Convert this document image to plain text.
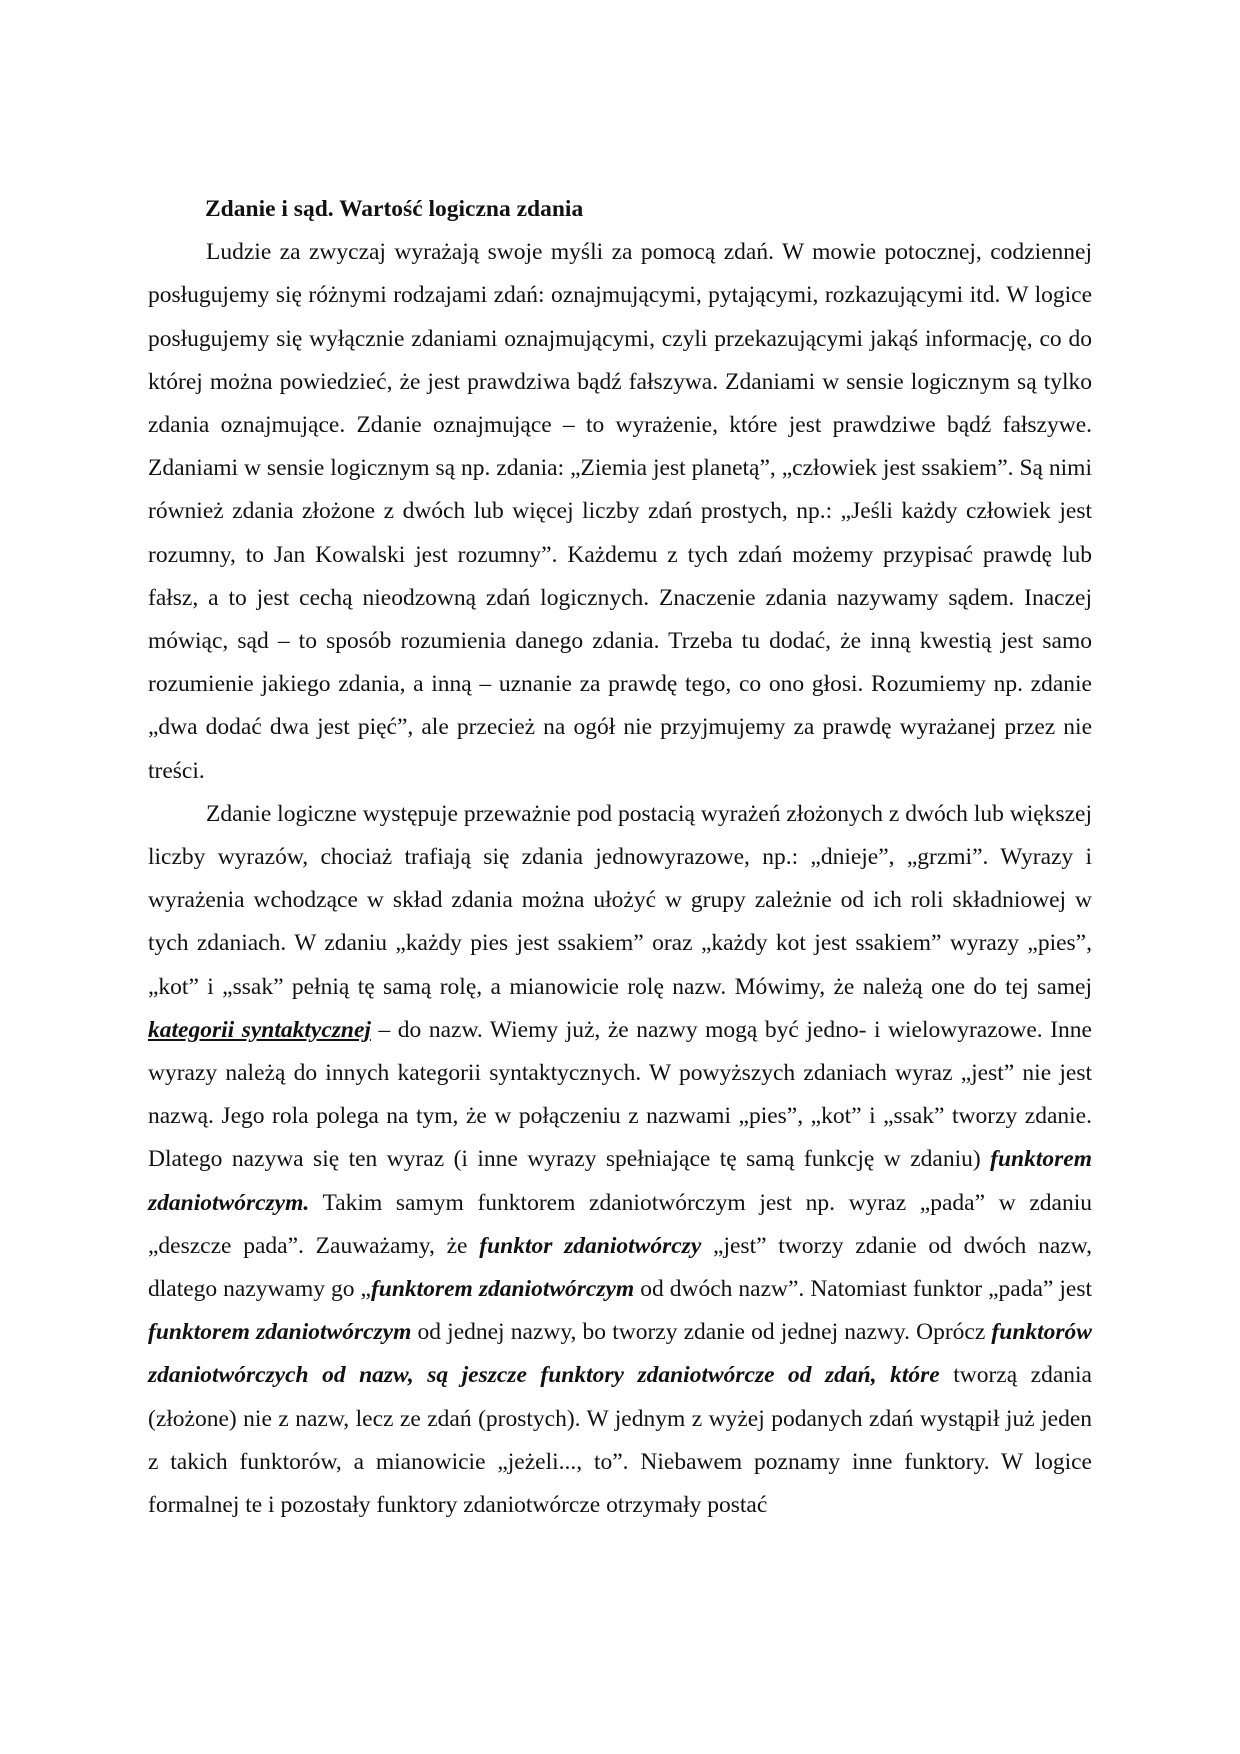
Zdanie i sąd. Wartość logiczna zdania

Ludzie za zwyczaj wyrażają swoje myśli za pomocą zdań. W mowie potocznej, codziennej posługujemy się różnymi rodzajami zdań: oznajmującymi, pytającymi, rozkazującymi itd. W logice posługujemy się wyłącznie zdaniami oznajmującymi, czyli przekazującymi jakąś informację, co do której można powiedzieć, że jest prawdziwa bądź fałszywa. Zdaniami w sensie logicznym są tylko zdania oznajmujące. Zdanie oznajmujące – to wyrażenie, które jest prawdziwe bądź fałszywe. Zdaniami w sensie logicznym są np. zdania: „Ziemia jest planetą”, „człowiek jest ssakiem”. Są nimi również zdania złożone z dwóch lub więcej liczby zdań prostych, np.: „Jeśli każdy człowiek jest rozumny, to Jan Kowalski jest rozumny”. Każdemu z tych zdań możemy przypisać prawdę lub fałsz, a to jest cechą nieodzowną zdań logicznych. Znaczenie zdania nazywamy sądem. Inaczej mówiąc, sąd – to sposób rozumienia danego zdania. Trzeba tu dodać, że inną kwestią jest samo rozumienie jakiego zdania, a inną – uznanie za prawdę tego, co ono głosi. Rozumiemy np. zdanie „dwa dodać dwa jest pięć”, ale przecież na ogół nie przyjmujemy za prawdę wyrażanej przez nie treści.

Zdanie logiczne występuje przeważnie pod postacią wyrażeń złożonych z dwóch lub większej liczby wyrazów, chociaż trafiają się zdania jednowyrazowe, np.: „dnieje”, „grzmi”. Wyrazy i wyrażenia wchodzące w skład zdania można ułożyć w grupy zależnie od ich roli składniowej w tych zdaniach. W zdaniu „każdy pies jest ssakiem” oraz „każdy kot jest ssakiem” wyrazy „pies”, „kot” i „ssak” pełnią tę samą rolę, a mianowicie rolę nazw. Mówimy, że należą one do tej samej kategorii syntaktycznej – do nazw. Wiemy już, że nazwy mogą być jedno- i wielowyrazowe. Inne wyrazy należą do innych kategorii syntaktycznych. W powyższych zdaniach wyraz „jest” nie jest nazwą. Jego rola polega na tym, że w połączeniu z nazwami „pies”, „kot” i „ssak” tworzy zdanie. Dlatego nazywa się ten wyraz (i inne wyrazy spełniające tę samą funkcję w zdaniu) funktorem zdaniotwórczym. Takim samym funktorem zdaniotwórczym jest np. wyraz „pada” w zdaniu „deszcze pada”. Zauważamy, że funktor zdaniotwórczy „jest” tworzy zdanie od dwóch nazw, dlatego nazywamy go „funktorem zdaniotwórczym od dwóch nazw”. Natomiast funktor „pada” jest funktorem zdaniotwórczym od jednej nazwy, bo tworzy zdanie od jednej nazwy. Oprócz funktorów zdaniotwórczych od nazw, są jeszcze funktory zdaniotwórcze od zdań, które tworzą zdania (złożone) nie z nazw, lecz ze zdań (prostych). W jednym z wyżej podanych zdań wystąpił już jeden z takich funktorów, a mianowicie „jeżeli..., to”. Niebawem poznamy inne funktory. W logice formalnej te i pozostały funktory zdaniotwórcze otrzymały postać
